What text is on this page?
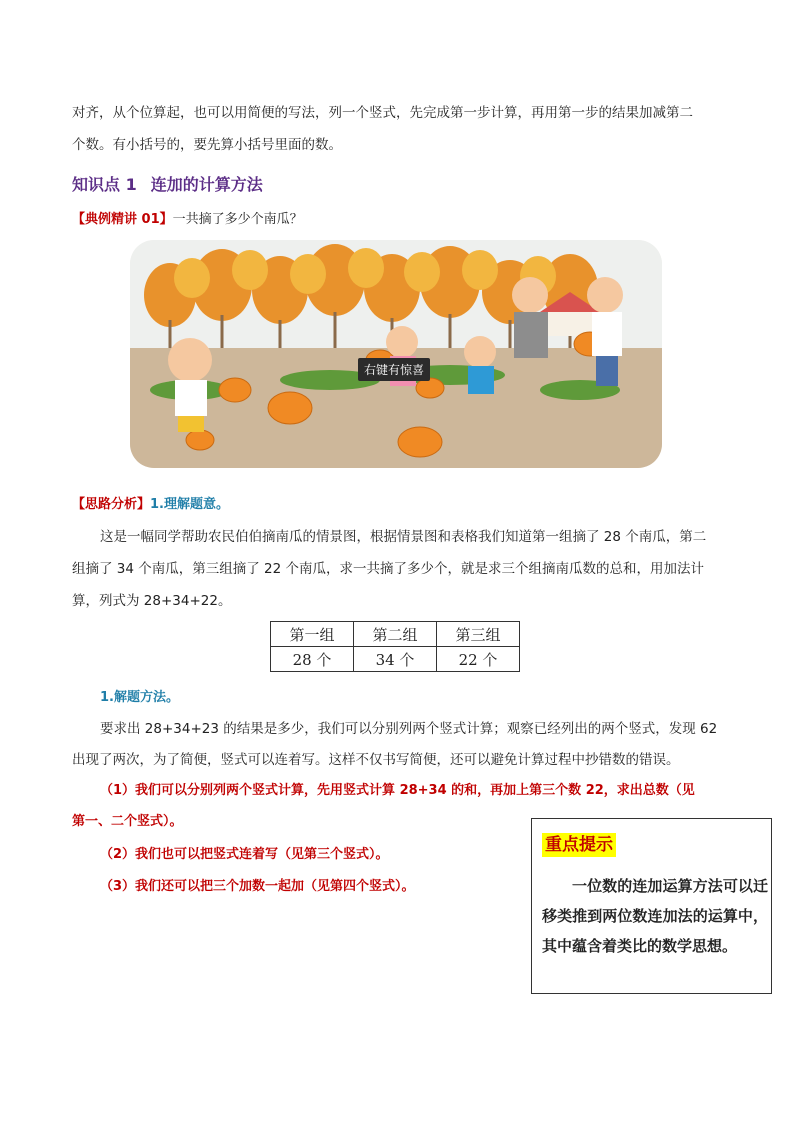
对齐，从个位算起，也可以用简便的写法，列一个竖式，先完成第一步计算，再用第一步的结果加减第二
个数。有小括号的，要先算小括号里面的数。
知识点 1 连加的计算方法
【典例精讲 01】一共摘了多少个南瓜？
右键有惊喜
【思路分析】1.理解题意。
这是一幅同学帮助农民伯伯摘南瓜的情景图，根据情景图和表格我们知道第一组摘了 28 个南瓜，第二
组摘了 34 个南瓜，第三组摘了 22 个南瓜，求一共摘了多少个，就是求三个组摘南瓜数的总和，用加法计
算，列式为 28+34+22。
第一组	第二组	第三组
28 个	34 个	22 个
1.解题方法。
要求出 28+34+23 的结果是多少，我们可以分别列两个竖式计算；观察已经列出的两个竖式，发现 62
出现了两次，为了简便，竖式可以连着写。这样不仅书写简便，还可以避免计算过程中抄错数的错误。
（1）我们可以分别列两个竖式计算，先用竖式计算 28+34 的和，再加上第三个数 22，求出总数（见
第一、二个竖式）。
（2）我们也可以把竖式连着写（见第三个竖式）。
（3）我们还可以把三个加数一起加（见第四个竖式）。
重点提示
一位数的连加运算方法可以迁移类推到两位数连加法的运算中，其中蕴含着类比的数学思想。
